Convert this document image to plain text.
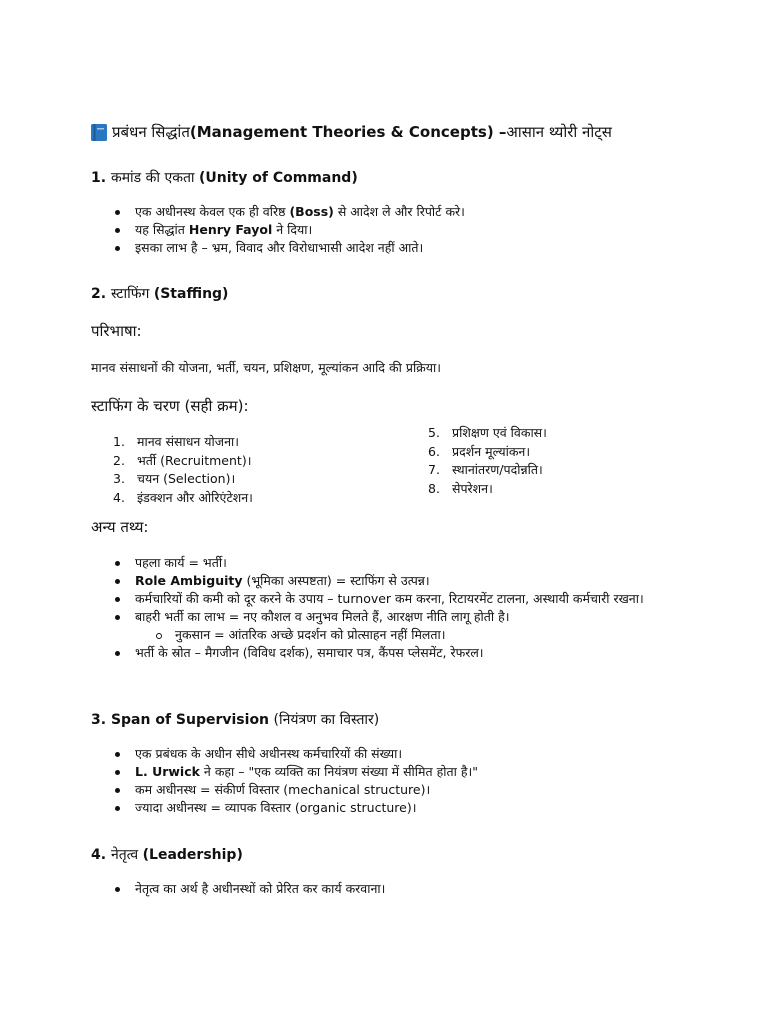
प्रबंधन सिद्धांत (Management Theories & Concepts) – आसान थ्योरी नोट्स
1. कमांड की एकता (Unity of Command)
एक अधीनस्थ केवल एक ही वरिष्ठ (Boss) से आदेश ले और रिपोर्ट करे।
यह सिद्धांत Henry Fayol ने दिया।
इसका लाभ है – भ्रम, विवाद और विरोधाभासी आदेश नहीं आते।
2. स्टाफिंग (Staffing)
परिभाषा:
मानव संसाधनों की योजना, भर्ती, चयन, प्रशिक्षण, मूल्यांकन आदि की प्रक्रिया।
स्टाफिंग के चरण (सही क्रम):
1. मानव संसाधन योजना।
2. भर्ती (Recruitment)।
3. चयन (Selection)।
4. इंडक्शन और ओरिएंटेशन।
5. प्रशिक्षण एवं विकास।
6. प्रदर्शन मूल्यांकन।
7. स्थानांतरण/पदोन्नति।
8. सेपरेशन।
अन्य तथ्य:
पहला कार्य = भर्ती।
Role Ambiguity (भूमिका अस्पष्टता) = स्टाफिंग से उत्पन्न।
कर्मचारियों की कमी को दूर करने के उपाय – turnover कम करना, रिटायरमेंट टालना, अस्थायी कर्मचारी रखना।
बाहरी भर्ती का लाभ = नए कौशल व अनुभव मिलते हैं, आरक्षण नीति लागू होती है।
नुकसान = आंतरिक अच्छे प्रदर्शन को प्रोत्साहन नहीं मिलता।
भर्ती के स्रोत – मैगजीन (विविध दर्शक), समाचार पत्र, कैंपस प्लेसमेंट, रेफरल।
3. Span of Supervision (नियंत्रण का विस्तार)
एक प्रबंधक के अधीन सीधे अधीनस्थ कर्मचारियों की संख्या।
L. Urwick ने कहा – "एक व्यक्ति का नियंत्रण संख्या में सीमित होता है।"
कम अधीनस्थ = संकीर्ण विस्तार (mechanical structure)।
ज्यादा अधीनस्थ = व्यापक विस्तार (organic structure)।
4. नेतृत्व (Leadership)
नेतृत्व का अर्थ है अधीनस्थों को प्रेरित कर कार्य करवाना।
